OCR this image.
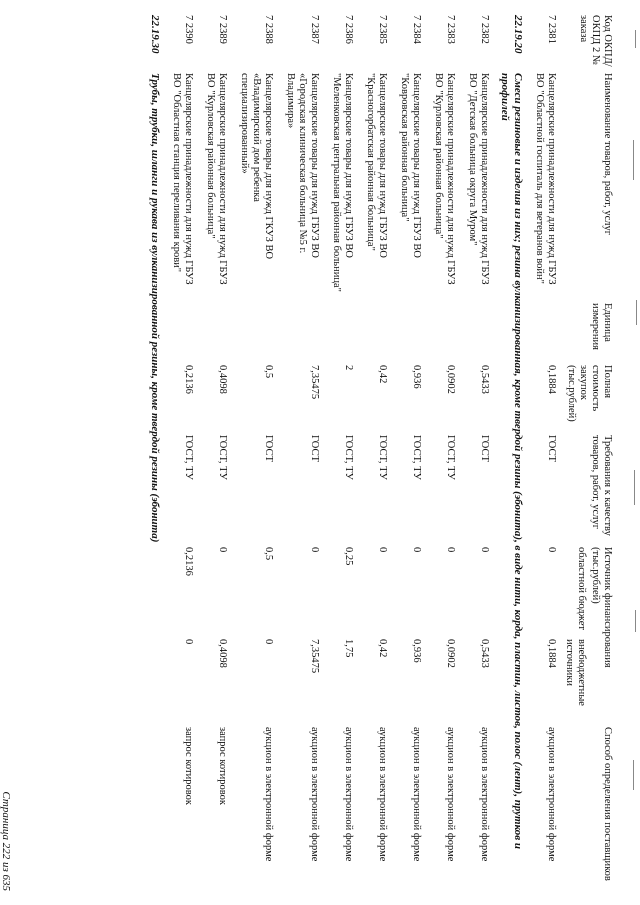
Код ОКПД/ ОКПД 2 № заказа	Наименование товаров, работ, услуг	Единица измерения	Полная стоимость закупок (тыс.рублей)	Требования к качеству товаров, работ, услуг	Источник финансирования (тыс.рублей)		Способ определения поставщиков
					областной бюджет	внебюджетные источники	
7 2381	Канцелярские принадлежности для нужд ГБУЗ ВО "Областной госпиталь для ветеранов войн"		0,1884	ГОСТ	0	0,1884	аукцион в электронной форме
22.19.20	Смеси резиновые и изделия из них; резина вулканизированная, кроме твердой резины (эбонита), в виде нити, корда, пластин, листов, полос (лент), прутков и профилей						
7 2382	Канцелярские принадлежности для нужд ГБУЗ ВО "Детская больница округа Муром"		0,5433	ГОСТ	0	0,5433	аукцион в электронной форме
7 2383	Канцелярские принадлежности для нужд ГБУЗ ВО "Курловская районная больница"		0,0902	ГОСТ, ТУ	0	0,0902	аукцион в электронной форме
7 2384	Канцелярские товары для нужд ГБУЗ ВО "Ковровская районная больница"		0,936	ГОСТ, ТУ	0	0,936	аукцион в электронной форме
7 2385	Канцелярские товары для нужд ГБУЗ ВО "Красногорбатская районная больница"		0,42	ГОСТ, ТУ	0	0,42	аукцион в электронной форме
7 2386	Канцелярские товары для нужд ГБУЗ ВО "Меленковская центральная районная больница"		2	ГОСТ, ТУ	0,25	1,75	аукцион в электронной форме
7 2387	Канцелярские товары для нужд ГБУЗ ВО «Городская клиническая больница №5 г. Владимира»		7,35475	ГОСТ	0	7,35475	аукцион в электронной форме
7 2388	Канцелярские товары для нужд ГКУЗ ВО «Владимирский дом ребенка специализированный»		0,5	ГОСТ	0,5	0	аукцион в электронной форме
7 2389	Канцелярские принадлежности для нужд ГБУЗ ВО "Курловская районная больница"		0,4098	ГОСТ, ТУ	0	0,4098	запрос котировок
7 2390	Канцелярские принадлежности для нужд ГБУЗ ВО "Областная станция переливания крови"		0,2136	ГОСТ, ТУ	0,2136	0	запрос котировок
22.19.30	Трубы, трубки, шланги и рукава из вулканизированной резины, кроме твердой резины (эбонита)						
Страница 222 из 635
